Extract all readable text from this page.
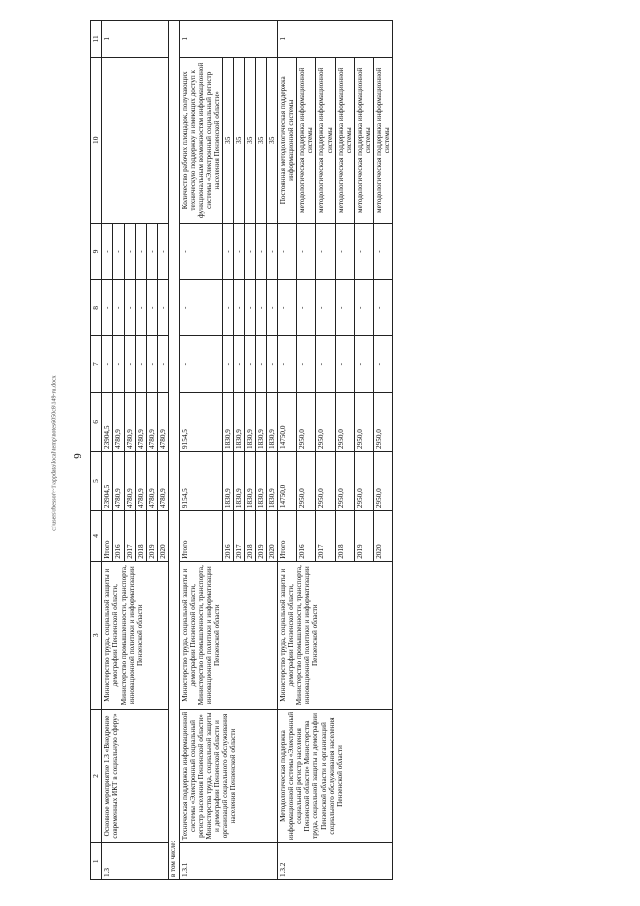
6
c:\users\rbessor\~1\appdata\local\temp\notes6050c8\149-ru.docx
1	2	3	4	5	6	7	8	9	10	11
1.3	Основное мероприятие 1.3 «Внедрение современных ИКТ в социальную сферу»	Министерство труда, социальной защиты и демографии Пензенской области, Министерство промышленности, транспорта, инновационной политики и информатизации Пензенской области	Итого	23904,5	23904,5	-	-	-		1
			2016	4780,9	4780,9	-	-	-		
			2017	4780,9	4780,9	-	-	-		
			2018	4780,9	4780,9	-	-	-		
			2019	4780,9	4780,9	-	-	-		
			2020	4780,9	4780,9	-	-	-		
в том числе:										
1.3.1	Техническая поддержка информационной системы «Электронный социальный регистр населения Пензенской области» Министерства труда, социальной защиты и демографии Пензенской области и организаций социального обслуживания населения Пензенской области	Министерство труда, социальной защиты и демографии Пензенской области, Министерство промышленности, транспорта, инновационной политики и информатизации Пензенской области	Итого	9154,5	9154,5	-	-	-	Количество рабочих площадок, получающих техническую поддержку и имеющих доступ к функциональным возможностям информационной системы «Электронный социальный регистр населения Пензенской области»	1
			2016	1830,9	1830,9	-	-	-	35	
			2017	1830,9	1830,9	-	-	-	35	
			2018	1830,9	1830,9	-	-	-	35	
			2019	1830,9	1830,9	-	-	-	35	
			2020	1830,9	1830,9	-	-	-	35	
1.3.2	Методологическая поддержка информационной системы «Электронный социальный регистр населения Пензенской области» Министерства труда, социальной защиты и демографии Пензенской области и организаций социального обслуживания населения Пензенской области	Министерство труда, социальной защиты и демографии Пензенской области, Министерство промышленности, транспорта, инновационной политики и информатизации Пензенской области	Итого	14750,0	14750,0	-	-	-	Постоянная методологическая поддержка информационной системы	1
			2016	2950,0	2950,0	-	-	-	методологическая поддержка информационной системы	
			2017	2950,0	2950,0	-	-	-	методологическая поддержка информационной системы	
			2018	2950,0	2950,0	-	-	-	методологическая поддержка информационной системы	
			2019	2950,0	2950,0	-	-	-	методологическая поддержка информационной системы	
			2020	2950,0	2950,0	-	-	-	методологическая поддержка информационной системы	
